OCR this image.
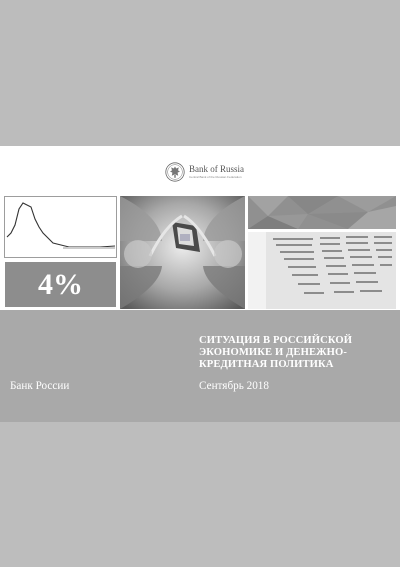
Bank of Russia
Central Bank of the Russian Federation
4%
СИТУАЦИЯ В РОССИЙСКОЙ
ЭКОНОМИКЕ И ДЕНЕЖНО-
КРЕДИТНАЯ ПОЛИТИКА
Банк России	Сентябрь 2018
